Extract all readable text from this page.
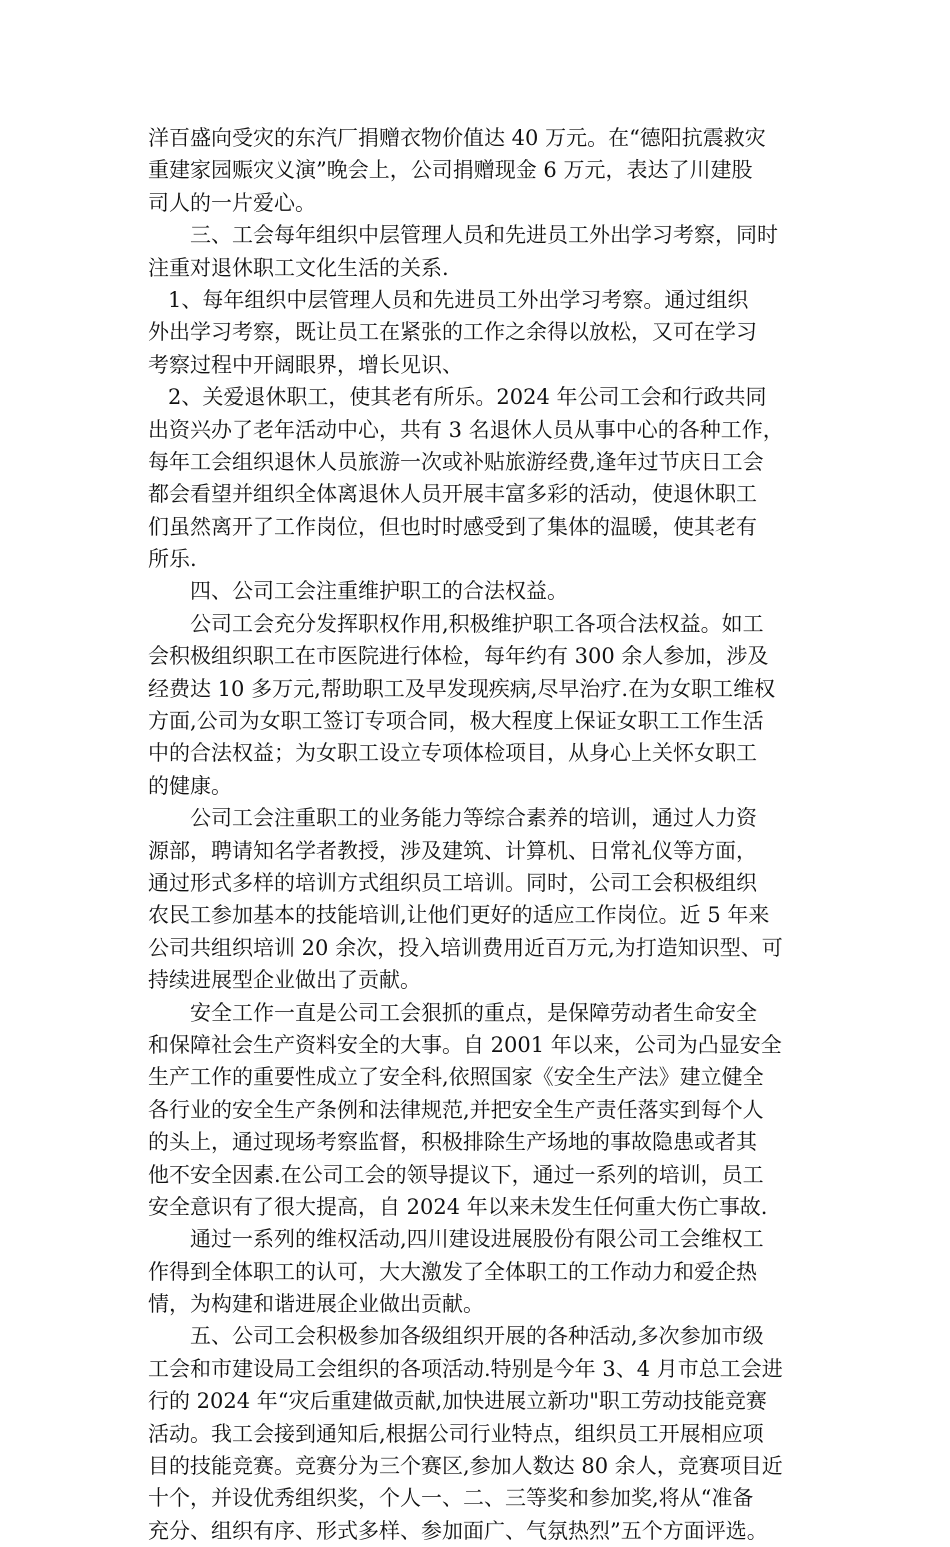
洋百盛向受灾的东汽厂捐赠衣物价值达 40 万元。在“德阳抗震救灾
重建家园赈灾义演”晚会上，公司捐赠现金 6 万元，表达了川建股
司人的一片爱心。
三、工会每年组织中层管理人员和先进员工外出学习考察，同时
注重对退休职工文化生活的关系.
1、每年组织中层管理人员和先进员工外出学习考察。通过组织
外出学习考察，既让员工在紧张的工作之余得以放松，又可在学习
考察过程中开阔眼界，增长见识、
2、关爱退休职工，使其老有所乐。2024 年公司工会和行政共同
出资兴办了老年活动中心，共有 3 名退休人员从事中心的各种工作，
每年工会组织退休人员旅游一次或补贴旅游经费,逢年过节庆日工会
都会看望并组织全体离退休人员开展丰富多彩的活动，使退休职工
们虽然离开了工作岗位，但也时时感受到了集体的温暖，使其老有
所乐.
四、公司工会注重维护职工的合法权益。
公司工会充分发挥职权作用,积极维护职工各项合法权益。如工
会积极组织职工在市医院进行体检，每年约有 300 余人参加，涉及
经费达 10 多万元,帮助职工及早发现疾病,尽早治疗.在为女职工维权
方面,公司为女职工签订专项合同，极大程度上保证女职工工作生活
中的合法权益；为女职工设立专项体检项目，从身心上关怀女职工
的健康。
公司工会注重职工的业务能力等综合素养的培训，通过人力资
源部，聘请知名学者教授，涉及建筑、计算机、日常礼仪等方面，
通过形式多样的培训方式组织员工培训。同时，公司工会积极组织
农民工参加基本的技能培训,让他们更好的适应工作岗位。近 5 年来
公司共组织培训 20 余次，投入培训费用近百万元,为打造知识型、可
持续进展型企业做出了贡献。
安全工作一直是公司工会狠抓的重点，是保障劳动者生命安全
和保障社会生产资料安全的大事。自 2001 年以来，公司为凸显安全
生产工作的重要性成立了安全科,依照国家《安全生产法》建立健全
各行业的安全生产条例和法律规范,并把安全生产责任落实到每个人
的头上，通过现场考察监督，积极排除生产场地的事故隐患或者其
他不安全因素.在公司工会的领导提议下，通过一系列的培训，员工
安全意识有了很大提高，自 2024 年以来未发生任何重大伤亡事故.
通过一系列的维权活动,四川建设进展股份有限公司工会维权工
作得到全体职工的认可，大大激发了全体职工的工作动力和爱企热
情，为构建和谐进展企业做出贡献。
五、公司工会积极参加各级组织开展的各种活动,多次参加市级
工会和市建设局工会组织的各项活动.特别是今年 3、4 月市总工会进
行的 2024 年“灾后重建做贡献,加快进展立新功"职工劳动技能竞赛
活动。我工会接到通知后,根据公司行业特点，组织员工开展相应项
目的技能竞赛。竞赛分为三个赛区,参加人数达 80 余人，竞赛项目近
十个，并设优秀组织奖，个人一、二、三等奖和参加奖,将从“准备
充分、组织有序、形式多样、参加面广、气氛热烈”五个方面评选。
